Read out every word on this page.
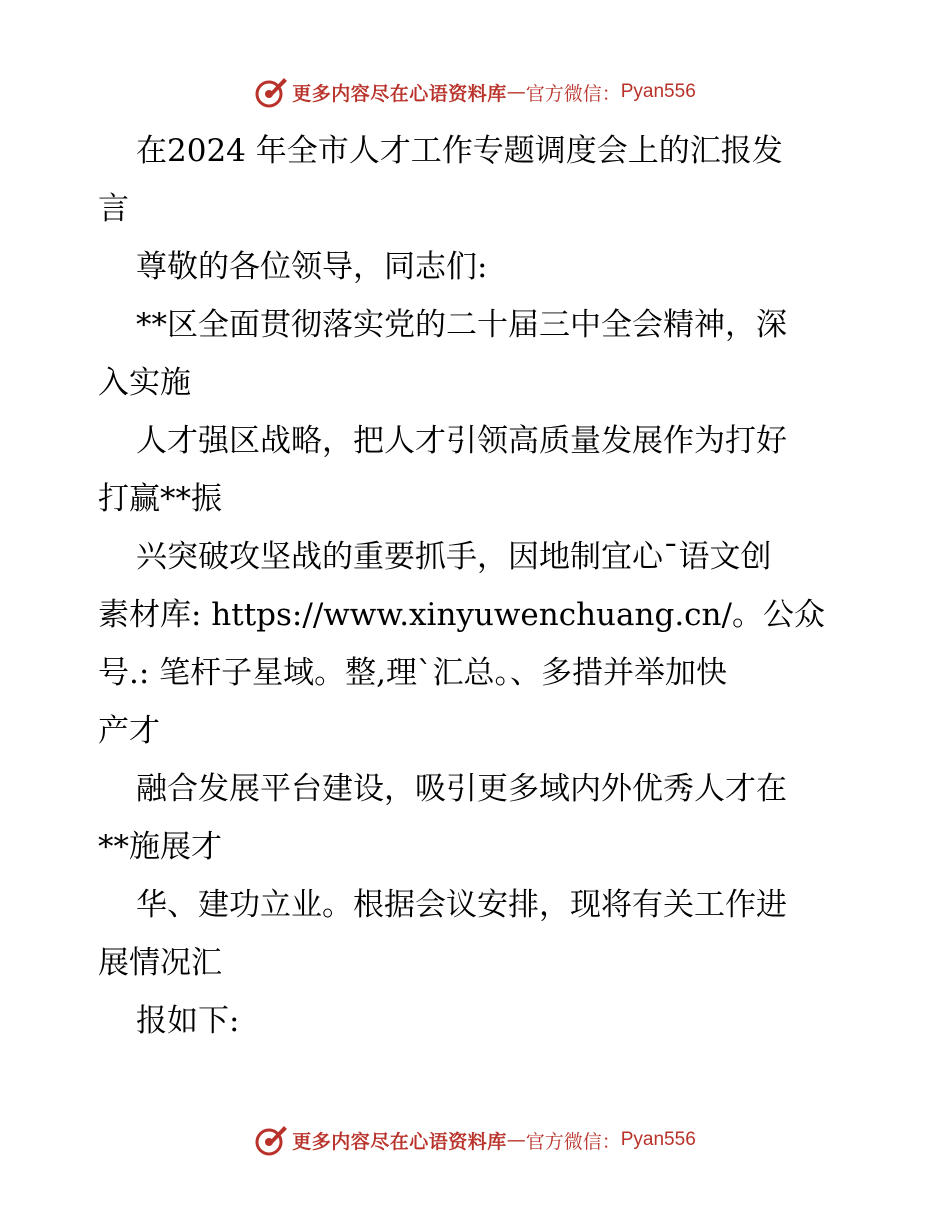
更多内容尽在心语资料库 — 官方微信： Pyan556
在2024 年全市人才工作专题调度会上的汇报发
言
尊敬的各位领导，同志们:
**区全面贯彻落实党的二十届三中全会精神，深
入实施
人才强区战略，把人才引领高质量发展作为打好
打赢**振
兴突破攻坚战的重要抓手，因地制宜心¯语文创
素材库: https://www.xinyuwenchuang.cn/。公众
号.: 笔杆子星域。整,理`汇总。、多措并举加快
产才
融合发展平台建设，吸引更多域内外优秀人才在
**施展才
华、建功立业。根据会议安排，现将有关工作进
展情况汇
报如下:
更多内容尽在心语资料库 — 官方微信： Pyan556
